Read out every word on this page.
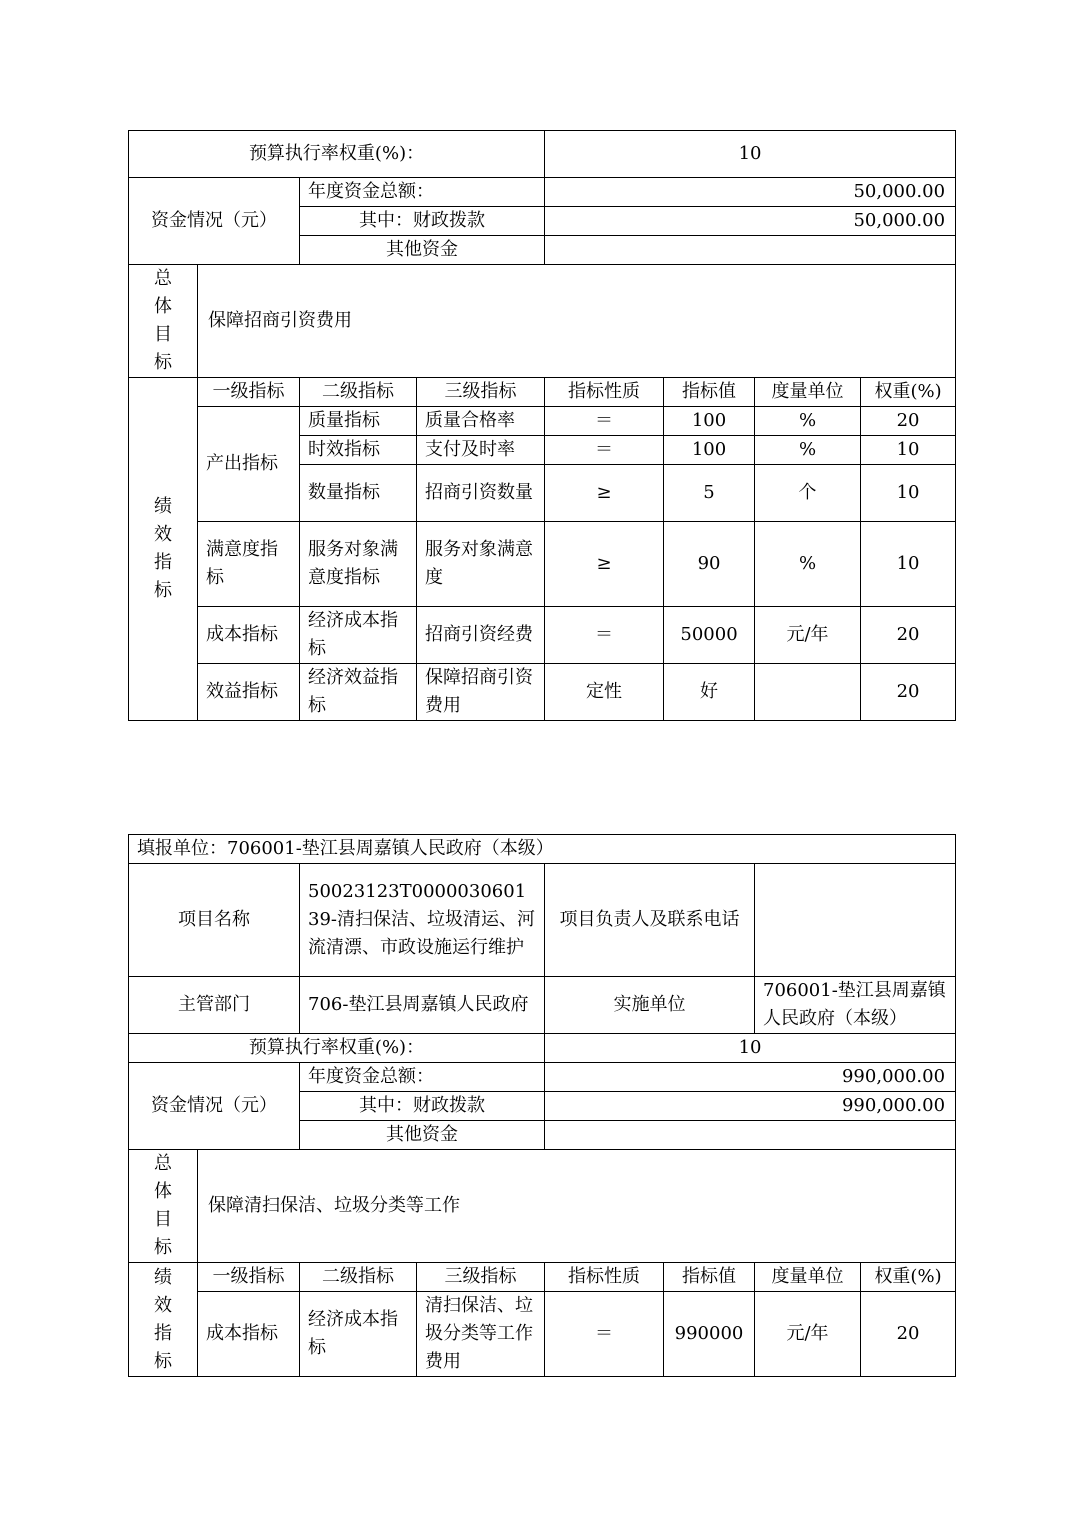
预算执行率权重(%)：				10			
资金情况（元）		年度资金总额：		50,000.00			
		其中：财政拨款		50,000.00			
		其他资金					

总体目标	保障招商引资费用						

绩效指标	一级指标	二级指标	三级指标	指标性质	指标值	度量单位	权重(%)
	产出指标	质量指标	质量合格率	＝	100	%	20
		时效指标	支付及时率	＝	100	%	10
		数量指标	招商引资数量	≥	5	个	10
	满意度指标	服务对象满意度指标	服务对象满意度	≥	90	%	10
	成本指标	经济成本指标	招商引资经费	＝	50000	元/年	20
	效益指标	经济效益指标	保障招商引资费用	定性	好		20
填报单位：706001-垫江县周嘉镇人民政府（本级）							
项目名称		50023123T000003060139-清扫保洁、垃圾清运、河流清漂、市政设施运行维护		项目负责人及联系电话			
主管部门		706-垫江县周嘉镇人民政府		实施单位		706001-垫江县周嘉镇人民政府（本级）	
预算执行率权重(%)：				10			
资金情况（元）		年度资金总额：		990,000.00			
		其中：财政拨款		990,000.00			
		其他资金					

总体目标	保障清扫保洁、垃圾分类等工作						

绩效指标	一级指标	二级指标	三级指标	指标性质	指标值	度量单位	权重(%)
	成本指标	经济成本指标	清扫保洁、垃圾分类等工作费用	＝	990000	元/年	20
